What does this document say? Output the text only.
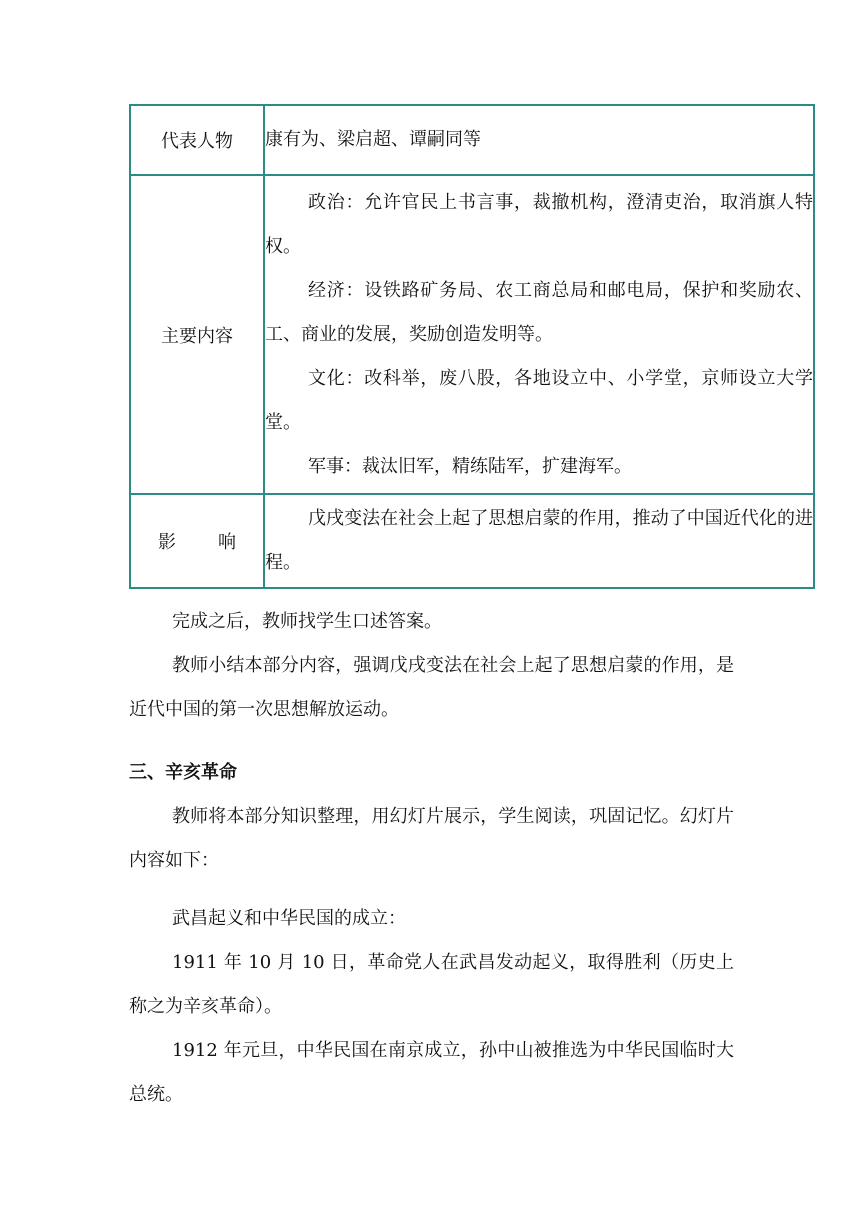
代表人物	康有为、梁启超、谭嗣同等

主要内容	政治：允许官民上书言事，裁撤机构，澄清吏治，取消旗人特权。

经济：设铁路矿务局、农工商总局和邮电局，保护和奖励农、工、商业的发展，奖励创造发明等。

文化：改科举，废八股，各地设立中、小学堂，京师设立大学堂。

军事：裁汰旧军，精练陆军，扩建海军。

影 响	戊戌变法在社会上起了思想启蒙的作用，推动了中国近代化的进程。

完成之后，教师找学生口述答案。

教师小结本部分内容，强调戊戌变法在社会上起了思想启蒙的作用，是近代中国的第一次思想解放运动。

三、辛亥革命

教师将本部分知识整理，用幻灯片展示，学生阅读，巩固记忆。幻灯片内容如下：

武昌起义和中华民国的成立：

1911 年 10 月 10 日，革命党人在武昌发动起义，取得胜利（历史上称之为辛亥革命）。

1912 年元旦，中华民国在南京成立，孙中山被推选为中华民国临时大总统。
